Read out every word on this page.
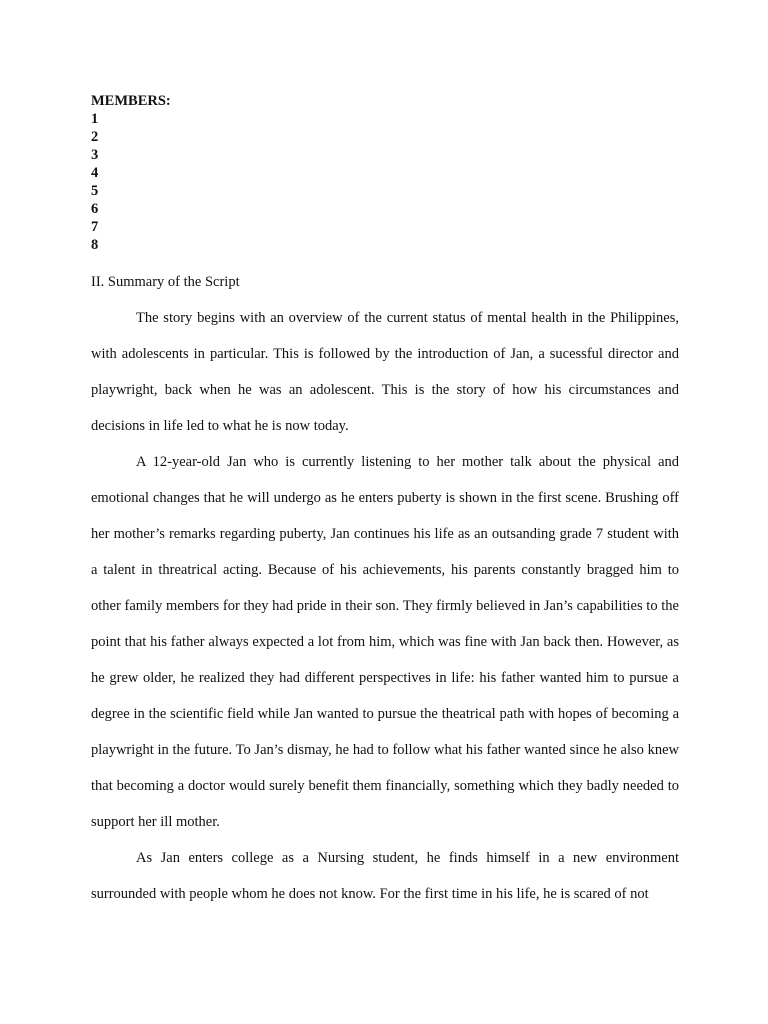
MEMBERS:
1
2
3
4
5
6
7
8
II. Summary of the Script

The story begins with an overview of the current status of mental health in the Philippines, with adolescents in particular. This is followed by the introduction of Jan, a sucessful director and playwright, back when he was an adolescent. This is the story of how his circumstances and decisions in life led to what he is now today.

A 12-year-old Jan who is currently listening to her mother talk about the physical and emotional changes that he will undergo as he enters puberty is shown in the first scene. Brushing off her mother’s remarks regarding puberty, Jan continues his life as an outsanding grade 7 student with a talent in threatrical acting. Because of his achievements, his parents constantly bragged him to other family members for they had pride in their son. They firmly believed in Jan’s capabilities to the point that his father always expected a lot from him, which was fine with Jan back then. However, as he grew older, he realized they had different perspectives in life: his father wanted him to pursue a degree in the scientific field while Jan wanted to pursue the theatrical path with hopes of becoming a playwright in the future. To Jan’s dismay, he had to follow what his father wanted since he also knew that becoming a doctor would surely benefit them financially, something which they badly needed to support her ill mother.

As Jan enters college as a Nursing student, he finds himself in a new environment surrounded with people whom he does not know. For the first time in his life, he is scared of not
